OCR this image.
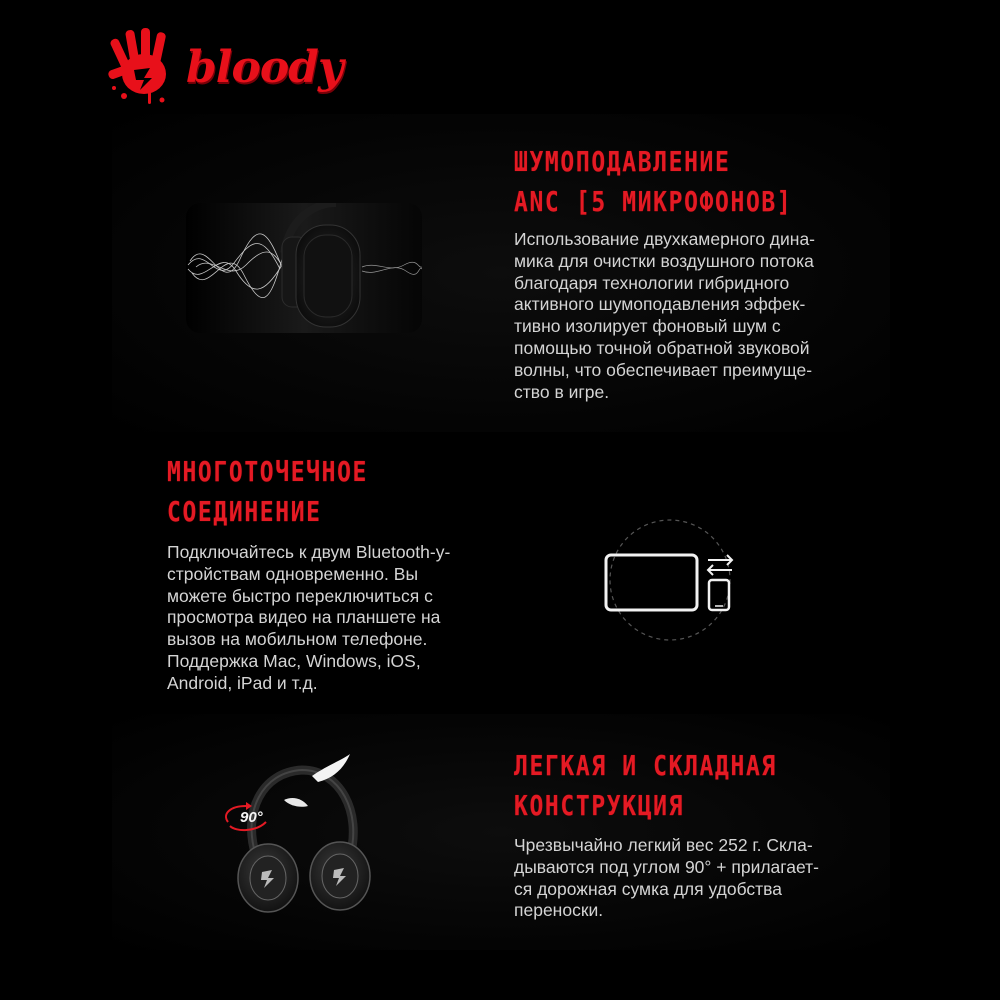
bloody
ШУМОПОДАВЛЕНИЕ
ANC [5 МИКРОФОНОВ]
Использование двухкамерного дина-
мика для очистки воздушного потока
благодаря технологии гибридного
активного шумоподавления эффек-
тивно изолирует фоновый шум с
помощью точной обратной звуковой
волны, что обеспечивает преимуще-
ство в игре.
МНОГОТОЧЕЧНОЕ
СОЕДИНЕНИЕ
Подключайтесь к двум Bluetooth-у-
стройствам одновременно. Вы
можете быстро переключиться с
просмотра видео на планшете на
вызов на мобильном телефоне.
Поддержка Mac, Windows, iOS,
Android, iPad и т.д.
ЛЕГКАЯ И СКЛАДНАЯ
КОНСТРУКЦИЯ
Чрезвычайно легкий вес 252 г. Скла-
дываются под углом 90° + прилагает-
ся дорожная сумка для удобства
переноски.
90°
